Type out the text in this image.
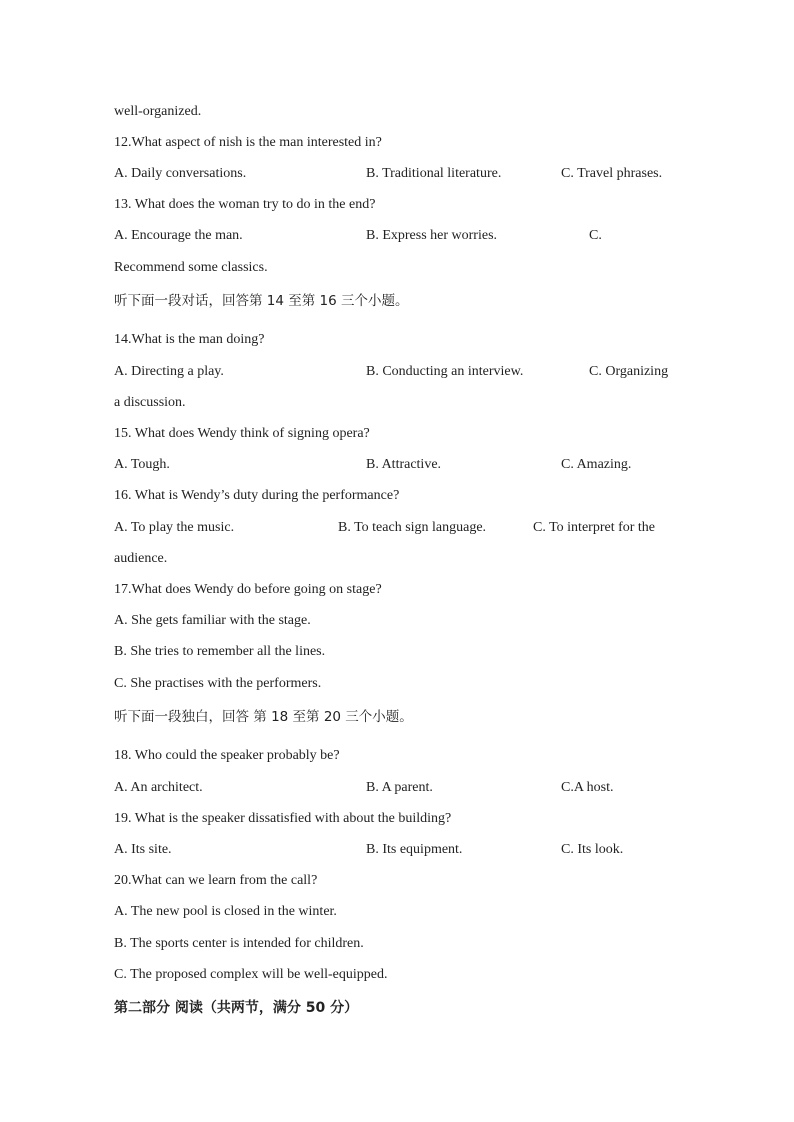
well-organized.
12.What aspect of nish is the man interested in?
A. Daily conversations.	B. Traditional literature.	C. Travel phrases.
13. What does the woman try to do in the end?
A. Encourage the man.	B. Express her worries.	C.
Recommend some classics.
听下面一段对话，回答第 14 至第 16 三个小题。
14.What is the man doing?
A. Directing a play.	B. Conducting an interview.	C. Organizing
a discussion.
15. What does Wendy think of signing opera?
A. Tough.	B. Attractive.	C. Amazing.
16. What is Wendy’s duty during the performance?
A. To play the music.	B. To teach sign language.	C. To interpret for the
audience.
17.What does Wendy do before going on stage?
A. She gets familiar with the stage.
B. She tries to remember all the lines.
C. She practises with the performers.
听下面一段独白，回答 第 18 至第 20 三个小题。
18. Who could the speaker probably be?
A. An architect.	B. A parent.	C.A host.
19. What is the speaker dissatisfied with about the building?
A. Its site.	B. Its equipment.	C. Its look.
20.What can we learn from the call?
A. The new pool is closed in the winter.
B. The sports center is intended for children.
C. The proposed complex will be well-equipped.
第二部分 阅读（共两节，满分 50 分）
